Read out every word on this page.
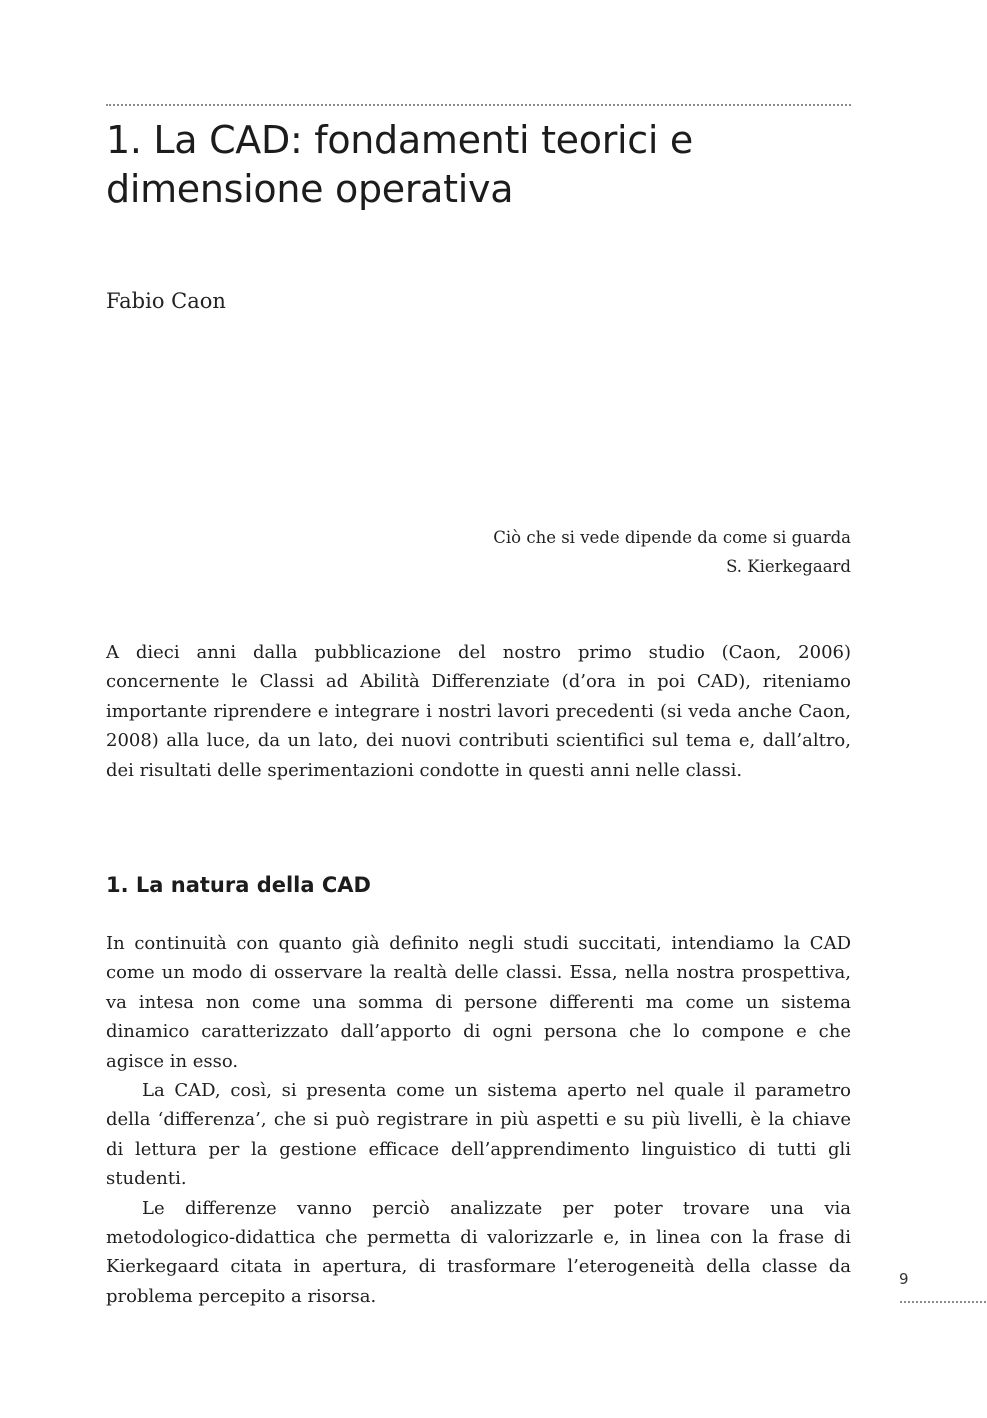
1. La CAD: fondamenti teorici e
dimensione operativa

Fabio Caon

Ciò che si vede dipende da come si guarda

S. Kierkegaard

A dieci anni dalla pubblicazione del nostro primo studio (Caon, 2006) concernente le Classi ad Abilità Differenziate (d’ora in poi CAD), riteniamo importante riprendere e integrare i nostri lavori precedenti (si veda anche Caon, 2008) alla luce, da un lato, dei nuovi contributi scientifici sul tema e, dall’altro, dei risultati delle sperimentazioni condotte in questi anni nelle classi.

1. La natura della CAD

In continuità con quanto già definito negli studi succitati, intendiamo la CAD come un modo di osservare la realtà delle classi. Essa, nella nostra prospettiva, va intesa non come una somma di persone differenti ma come un sistema dinamico caratterizzato dall’apporto di ogni persona che lo compone e che agisce in esso.

La CAD, così, si presenta come un sistema aperto nel quale il parametro della ‘differenza’, che si può registrare in più aspetti e su più livelli, è la chiave di lettura per la gestione efficace dell’apprendimento linguistico di tutti gli studenti.

Le differenze vanno perciò analizzate per poter trovare una via metodologico-didattica che permetta di valorizzarle e, in linea con la frase di Kierkegaard citata in apertura, di trasformare l’eterogeneità della classe da problema percepito a risorsa.

9
